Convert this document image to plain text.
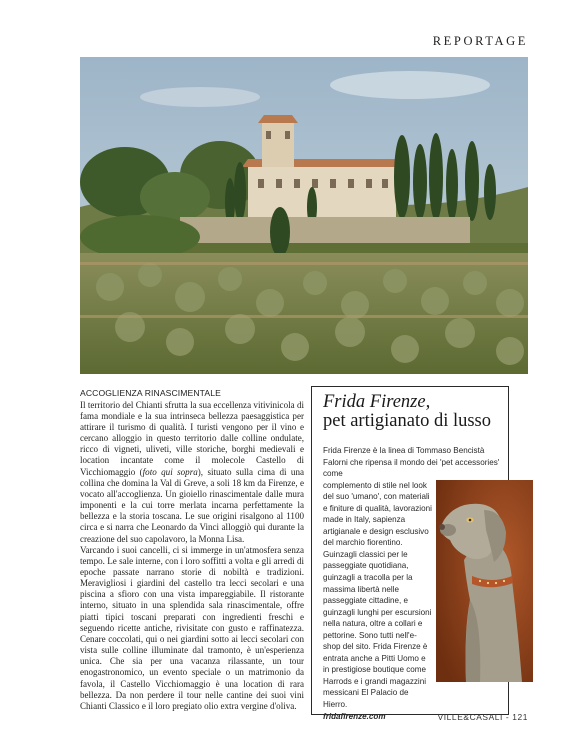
REPORTAGE
ACCOGLIENZA RINASCIMENTALE

Il territorio del Chianti sfrutta la sua eccellenza vitivinicola di fama mondiale e la sua intrinseca bellezza paesaggistica per attirare il turismo di qualità. I turisti vengono per il vino e cercano alloggio in questo territorio dalle colline ondulate, ricco di vigneti, uliveti, ville storiche, borghi medievali e location incantate come il molecole Castello di Vicchiomaggio (foto qui sopra), situato sulla cima di una collina che domina la Val di Greve, a soli 18 km da Firenze, e vocato all'accoglienza. Un gioiello rinascimentale dalle mura imponenti e la cui torre merlata incarna perfettamente la bellezza e la storia toscana. Le sue origini risalgono al 1100 circa e si narra che Leonardo da Vinci alloggiò qui durante la creazione del suo capolavoro, la Monna Lisa.

Varcando i suoi cancelli, ci si immerge in un'atmosfera senza tempo. Le sale interne, con i loro soffitti a volta e gli arredi di epoche passate narrano storie di nobiltà e tradizioni. Meravigliosi i giardini del castello tra lecci secolari e una piscina a sfioro con una vista impareggiabile. Il ristorante interno, situato in una splendida sala rinascimentale, offre piatti tipici toscani preparati con ingredienti freschi e seguendo ricette antiche, rivisitate con gusto e raffinatezza. Cenare coccolati, qui o nei giardini sotto ai lecci secolari con vista sulle colline illuminate dal tramonto, è un'esperienza unica. Che sia per una vacanza rilassante, un tour enogastronomico, un evento speciale o un matrimonio da favola, il Castello Vicchiomaggio è una location di rara bellezza. Da non perdere il tour nelle cantine dei suoi vini Chianti Classico e il loro pregiato olio extra vergine d'oliva.

Frida Firenze,
pet artigianato di lusso
Frida Firenze è la linea di Tommaso Bencistà Falorni che ripensa il mondo dei 'pet accessories' come
complemento di stile nel look del suo 'umano', con materiali e finiture di qualità, lavorazioni made in Italy, sapienza artigianale e design esclusivo del marchio fiorentino. Guinzagli classici per le passeggiate quotidiana, guinzagli a tracolla per la massima libertà nelle passeggiate cittadine, e guinzagli lunghi per escursioni nella natura, oltre a collari e pettorine. Sono tutti nell'e-shop del sito. Frida Firenze è entrata anche a Pitti Uomo e in prestigiose boutique come Harrods e i grandi magazzini messicani El Palacio de Hierro.
fridafirenze.com	VILLE&CASALI - 121
